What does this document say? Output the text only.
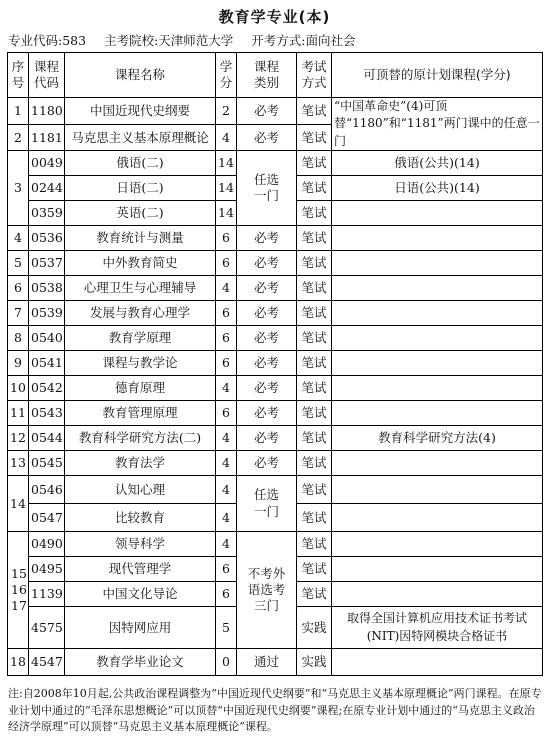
教育学专业(本)
专业代码:583 主考院校:天津师范大学 开考方式:面向社会
序号	课程代码	课程名称	学分	课程类别	考试方式	可顶替的原计划课程(学分)
1	1180	中国近现代史纲要	2	必考	笔试	“中国革命史”(4)可顶替“1180”和“1181”两门课中的任意一门
2	1181	马克思主义基本原理概论	4	必考	笔试	
3	0049	俄语(二)	14	任选一门	笔试	俄语(公共)(14)
	0244	日语(二)	14		笔试	日语(公共)(14)
	0359	英语(二)	14		笔试	
4	0536	教育统计与测量	6	必考	笔试	
5	0537	中外教育简史	6	必考	笔试	
6	0538	心理卫生与心理辅导	4	必考	笔试	
7	0539	发展与教育心理学	6	必考	笔试	
8	0540	教育学原理	6	必考	笔试	
9	0541	课程与教学论	6	必考	笔试	
10	0542	德育原理	4	必考	笔试	
11	0543	教育管理原理	6	必考	笔试	
12	0544	教育科学研究方法(二)	4	必考	笔试	教育科学研究方法(4)
13	0545	教育法学	4	必考	笔试	
14	0546	认知心理	4	任选一门	笔试	
	0547	比较教育	4		笔试	
15 16 17	0490	领导科学	4	不考外语选考三门	笔试	
	0495	现代管理学	6		笔试	
	1139	中国文化导论	6		笔试	
	4575	因特网应用	5		实践	取得全国计算机应用技术证书考试(NIT)因特网模块合格证书
18	4547	教育学毕业论文	0	通过	实践	
注:自2008年10月起,公共政治课程调整为“中国近现代史纲要”和“马克思主义基本原理概论”两门课程。在原专业计划中通过的“毛泽东思想概论”可以顶替“中国近现代史纲要”课程;在原专业计划中通过的“马克思主义政治经济学原理”可以顶替“马克思主义基本原理概论”课程。
